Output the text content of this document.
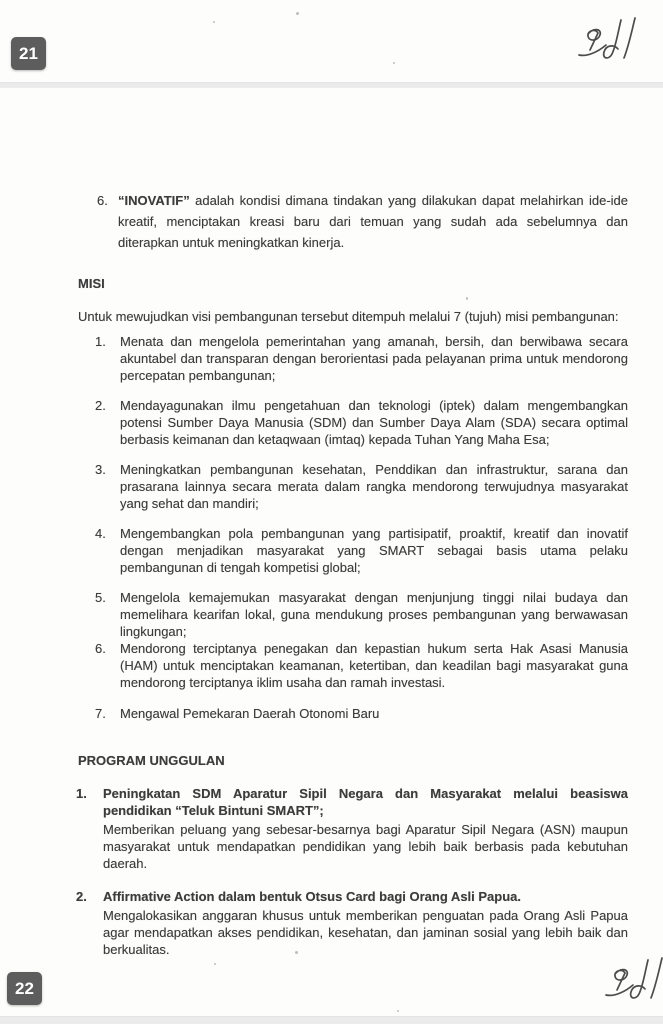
21
22
6. “INOVATIF” adalah kondisi dimana tindakan yang dilakukan dapat melahirkan ide-ide kreatif, menciptakan kreasi baru dari temuan yang sudah ada sebelumnya dan diterapkan untuk meningkatkan kinerja.

MISI

Untuk mewujudkan visi pembangunan tersebut ditempuh melalui 7 (tujuh) misi pembangunan:

1.	Menata dan mengelola pemerintahan yang amanah, bersih, dan berwibawa secara akuntabel dan transparan dengan berorientasi pada pelayanan prima untuk mendorong percepatan pembangunan;

2.	Mendayagunakan ilmu pengetahuan dan teknologi (iptek) dalam mengembangkan potensi Sumber Daya Manusia (SDM) dan Sumber Daya Alam (SDA) secara optimal berbasis keimanan dan ketaqwaan (imtaq) kepada Tuhan Yang Maha Esa;

3.	Meningkatkan pembangunan kesehatan, Penddikan dan infrastruktur, sarana dan prasarana lainnya secara merata dalam rangka mendorong terwujudnya masyarakat yang sehat dan mandiri;

4.	Mengembangkan pola pembangunan yang partisipatif, proaktif, kreatif dan inovatif dengan menjadikan masyarakat yang SMART sebagai basis utama pelaku pembangunan di tengah kompetisi global;

5.	Mengelola kemajemukan masyarakat dengan menjunjung tinggi nilai budaya dan memelihara kearifan lokal, guna mendukung proses pembangunan yang berwawasan lingkungan;

6.	Mendorong terciptanya penegakan dan kepastian hukum serta Hak Asasi Manusia (HAM) untuk menciptakan keamanan, ketertiban, dan keadilan bagi masyarakat guna mendorong terciptanya iklim usaha dan ramah investasi.

7.	Mengawal Pemekaran Daerah Otonomi Baru

PROGRAM UNGGULAN
1.	Peningkatan SDM Aparatur Sipil Negara dan Masyarakat melalui beasiswa pendidikan “Teluk Bintuni SMART”;

Memberikan peluang yang sebesar-besarnya bagi Aparatur Sipil Negara (ASN) maupun masyarakat untuk mendapatkan pendidikan yang lebih baik berbasis pada kebutuhan daerah.

2.	Affirmative Action dalam bentuk Otsus Card bagi Orang Asli Papua.

Mengalokasikan anggaran khusus untuk memberikan penguatan pada Orang Asli Papua agar mendapatkan akses pendidikan, kesehatan, dan jaminan sosial yang lebih baik dan berkualitas.
